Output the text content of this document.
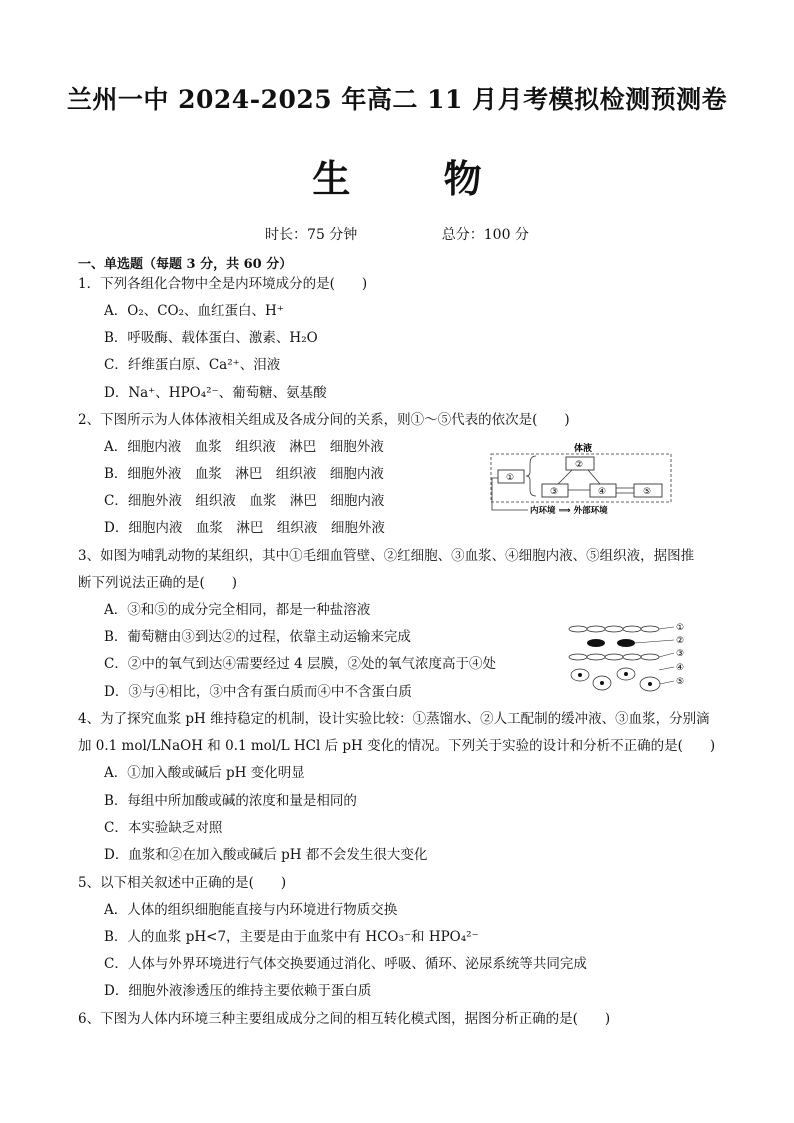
兰州一中 2024-2025 年高二 11 月月考模拟检测预测卷
生 物
时长：75 分钟	总分：100 分
一、单选题（每题 3 分，共 60 分）
1．下列各组化合物中全是内环境成分的是(　　)
A．O₂、CO₂、血红蛋白、H⁺
B．呼吸酶、载体蛋白、激素、H₂O
C．纤维蛋白原、Ca²⁺、泪液
D．Na⁺、HPO₄²⁻、葡萄糖、氨基酸
2、下图所示为人体体液相关组成及各成分间的关系，则①～⑤代表的依次是(　　)
A．细胞内液　血浆　组织液　淋巴　细胞外液
B．细胞外液　血浆　淋巴　组织液　细胞内液
C．细胞外液　组织液　血浆　淋巴　细胞内液
D．细胞内液　血浆　淋巴　组织液　细胞外液
体液
①
②
③	④	⑤
内环境 ⟹ 外部环境
3、如图为哺乳动物的某组织，其中①毛细血管壁、②红细胞、③血浆、④细胞内液、⑤组织液，据图推
断下列说法正确的是(　　)
A．③和⑤的成分完全相同，都是一种盐溶液
B．葡萄糖由③到达②的过程，依靠主动运输来完成
C．②中的氧气到达④需要经过 4 层膜，②处的氧气浓度高于④处
D．③与④相比，③中含有蛋白质而④中不含蛋白质
①
②
③
④
⑤
4、为了探究血浆 pH 维持稳定的机制，设计实验比较：①蒸馏水、②人工配制的缓冲液、③血浆，分别滴
加 0.1 mol/LNaOH 和 0.1 mol/L HCl 后 pH 变化的情况。下列关于实验的设计和分析不正确的是(　　)
A．①加入酸或碱后 pH 变化明显
B．每组中所加酸或碱的浓度和量是相同的
C．本实验缺乏对照
D．血浆和②在加入酸或碱后 pH 都不会发生很大变化
5、以下相关叙述中正确的是(　　)
A．人体的组织细胞能直接与内环境进行物质交换
B．人的血浆 pH<7，主要是由于血浆中有 HCO₃⁻和 HPO₄²⁻
C．人体与外界环境进行气体交换要通过消化、呼吸、循环、泌尿系统等共同完成
D．细胞外液渗透压的维持主要依赖于蛋白质
6、下图为人体内环境三种主要组成成分之间的相互转化模式图，据图分析正确的是(　　)
